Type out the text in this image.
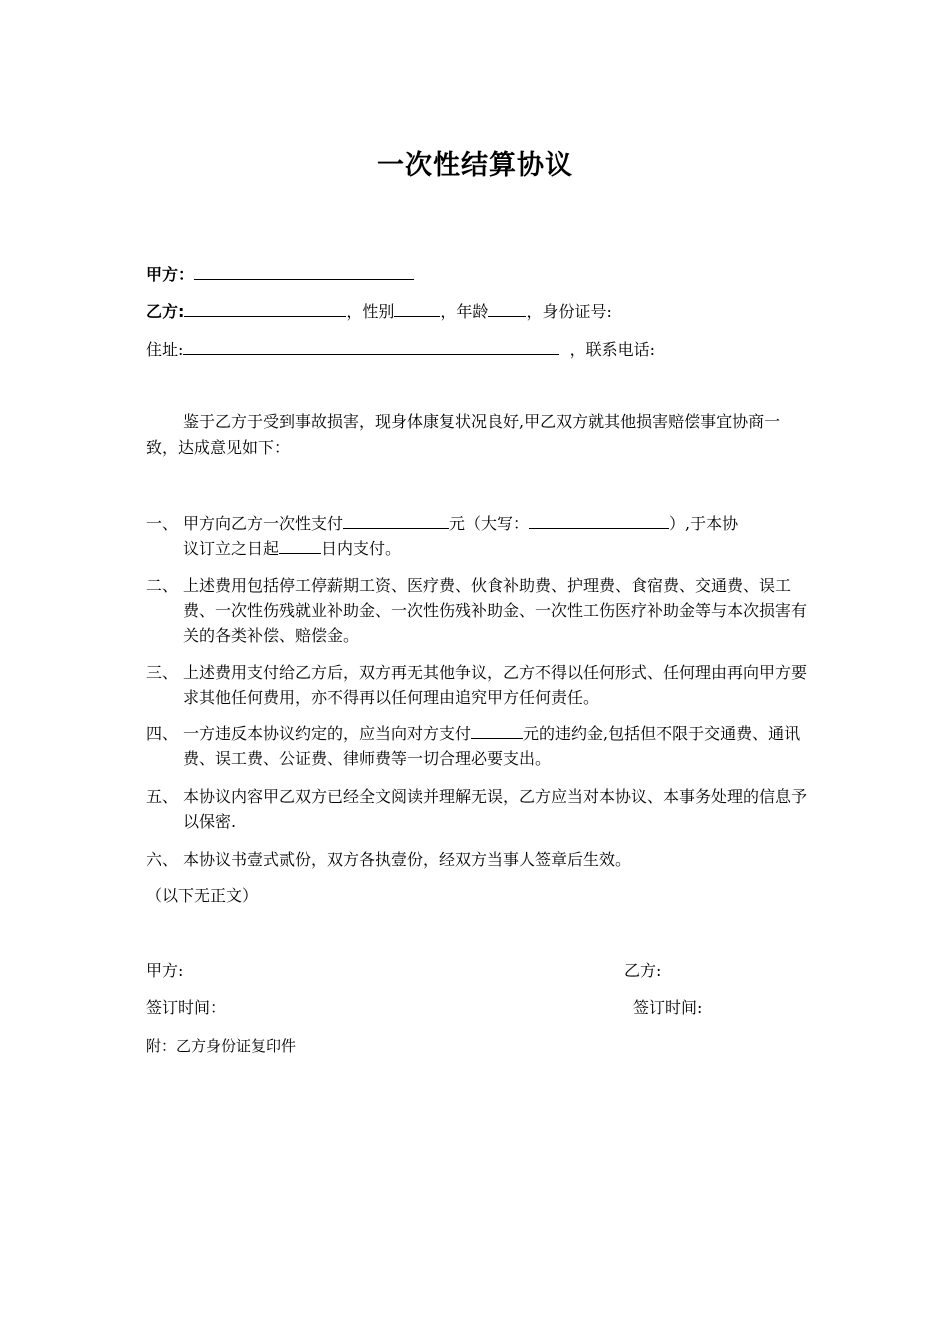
一次性结算协议
甲方：
乙方:	，性别	，年龄 ，身份证号:
住址:	，联系电话:
鉴于乙方于受到事故损害，现身体康复状况良好,甲乙双方就其他损害赔偿事宜协商一致，达成意见如下：
一、 甲方向乙方一次性支付	元（大写：	）,于本协
议订立之日起	日内支付。
二、 上述费用包括停工停薪期工资、医疗费、伙食补助费、护理费、食宿费、交通费、误工费、一次性伤残就业补助金、一次性伤残补助金、一次性工伤医疗补助金等与本次损害有关的各类补偿、赔偿金。
三、 上述费用支付给乙方后，双方再无其他争议，乙方不得以任何形式、任何理由再向甲方要求其他任何费用，亦不得再以任何理由追究甲方任何责任。
四、 一方违反本协议约定的，应当向对方支付	元的违约金,包括但不限于交通费、通讯费、误工费、公证费、律师费等一切合理必要支出。
五、 本协议内容甲乙双方已经全文阅读并理解无误，乙方应当对本协议、本事务处理的信息予以保密.
六、 本协议书壹式贰份，双方各执壹份，经双方当事人签章后生效。
（以下无正文）
甲方:	乙方:
签订时间：	签订时间:
附：乙方身份证复印件
